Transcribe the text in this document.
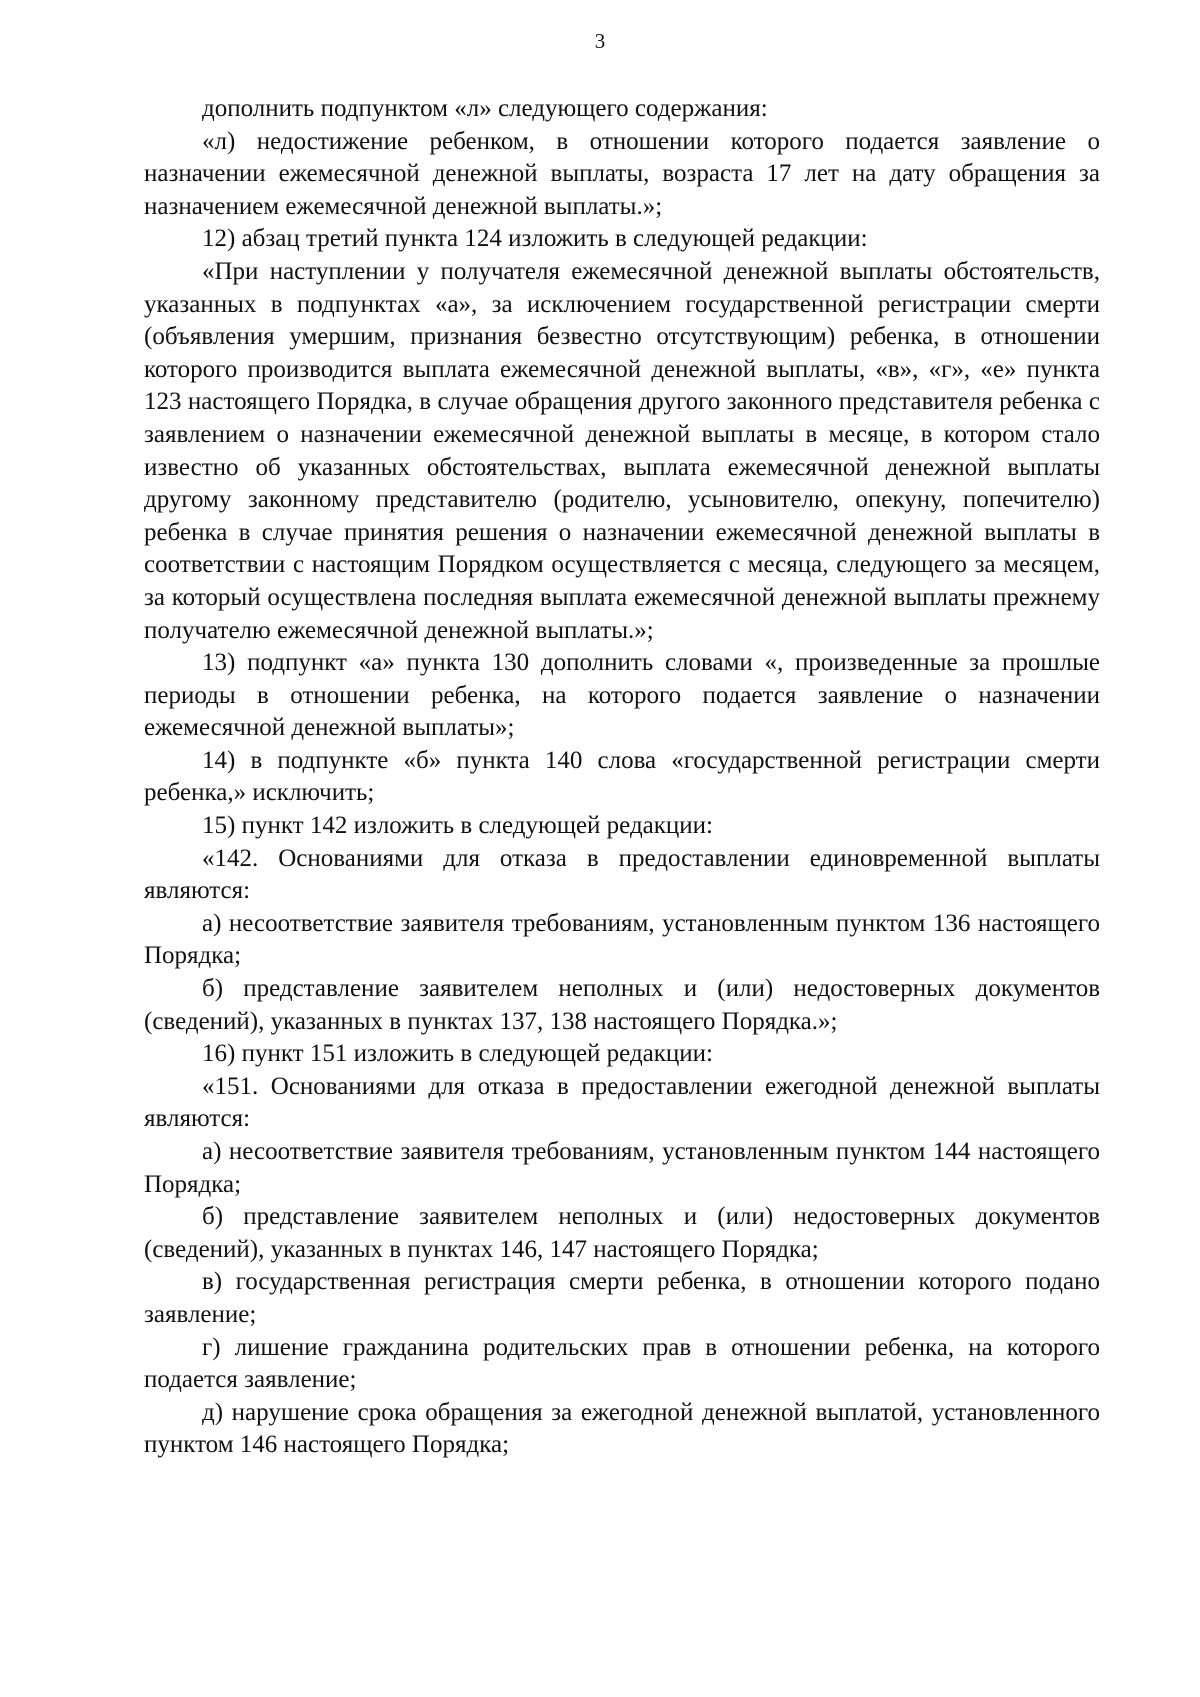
3

дополнить подпунктом «л» следующего содержания:

«л) недостижение ребенком, в отношении которого подается заявление о назначении ежемесячной денежной выплаты, возраста 17 лет на дату обращения за назначением ежемесячной денежной выплаты.»;

12) абзац третий пункта 124 изложить в следующей редакции:

«При наступлении у получателя ежемесячной денежной выплаты обстоятельств, указанных в подпунктах «а», за исключением государственной регистрации смерти (объявления умершим, признания безвестно отсутствующим) ребенка, в отношении которого производится выплата ежемесячной денежной выплаты, «в», «г», «е» пункта 123 настоящего Порядка, в случае обращения другого законного представителя ребенка с заявлением о назначении ежемесячной денежной выплаты в месяце, в котором стало известно об указанных обстоятельствах, выплата ежемесячной денежной выплаты другому законному представителю (родителю, усыновителю, опекуну, попечителю) ребенка в случае принятия решения о назначении ежемесячной денежной выплаты в соответствии с настоящим Порядком осуществляется с месяца, следующего за месяцем, за который осуществлена последняя выплата ежемесячной денежной выплаты прежнему получателю ежемесячной денежной выплаты.»;

13) подпункт «а» пункта 130 дополнить словами «, произведенные за прошлые периоды в отношении ребенка, на которого подается заявление о назначении ежемесячной денежной выплаты»;

14) в подпункте «б» пункта 140 слова «государственной регистрации смерти ребенка,» исключить;

15) пункт 142 изложить в следующей редакции:

«142. Основаниями для отказа в предоставлении единовременной выплаты являются:

а) несоответствие заявителя требованиям, установленным пунктом 136 настоящего Порядка;

б) представление заявителем неполных и (или) недостоверных документов (сведений), указанных в пунктах 137, 138 настоящего Порядка.»;

16) пункт 151 изложить в следующей редакции:

«151. Основаниями для отказа в предоставлении ежегодной денежной выплаты являются:

а) несоответствие заявителя требованиям, установленным пунктом 144 настоящего Порядка;

б) представление заявителем неполных и (или) недостоверных документов (сведений), указанных в пунктах 146, 147 настоящего Порядка;

в) государственная регистрация смерти ребенка, в отношении которого подано заявление;

г) лишение гражданина родительских прав в отношении ребенка, на которого подается заявление;

д) нарушение срока обращения за ежегодной денежной выплатой, установленного пунктом 146 настоящего Порядка;
